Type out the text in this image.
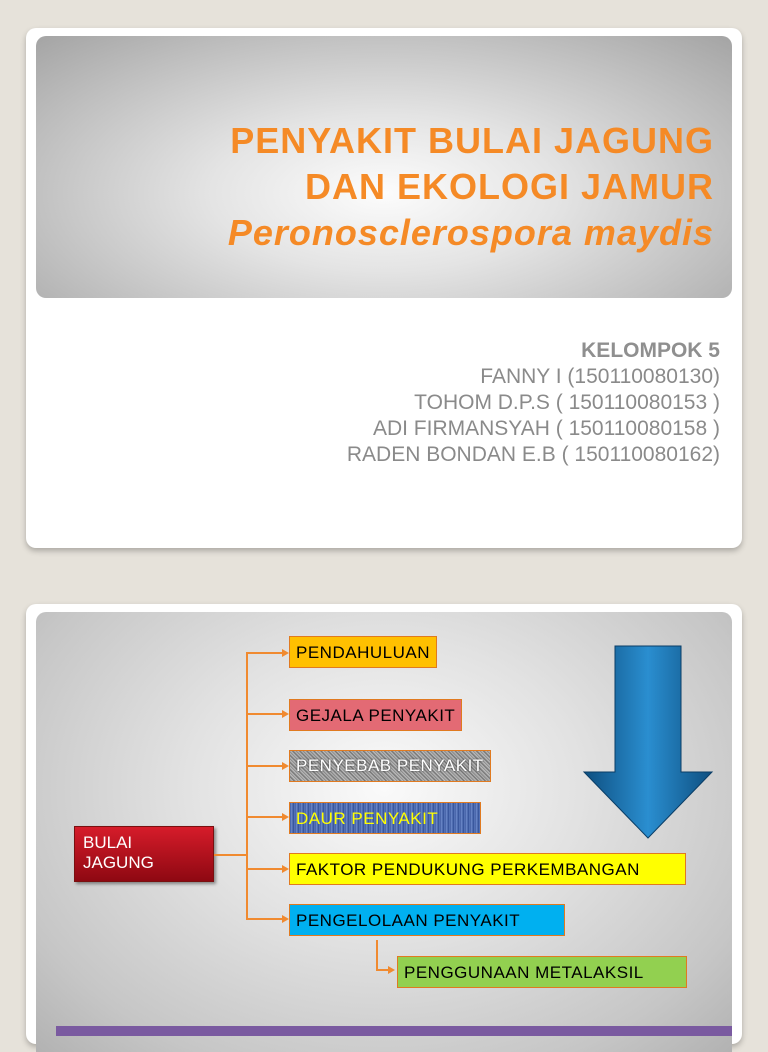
PENYAKIT BULAI JAGUNG
DAN EKOLOGI JAMUR
Peronosclerospora maydis
KELOMPOK 5
FANNY I (150110080130)
TOHOM D.P.S ( 150110080153 )
ADI FIRMANSYAH ( 150110080158 )
RADEN BONDAN E.B ( 150110080162)
BULAI JAGUNG
PENDAHULUAN
GEJALA PENYAKIT
PENYEBAB PENYAKIT
DAUR PENYAKIT
FAKTOR PENDUKUNG PERKEMBANGAN
PENGELOLAAN PENYAKIT
PENGGUNAAN METALAKSIL
